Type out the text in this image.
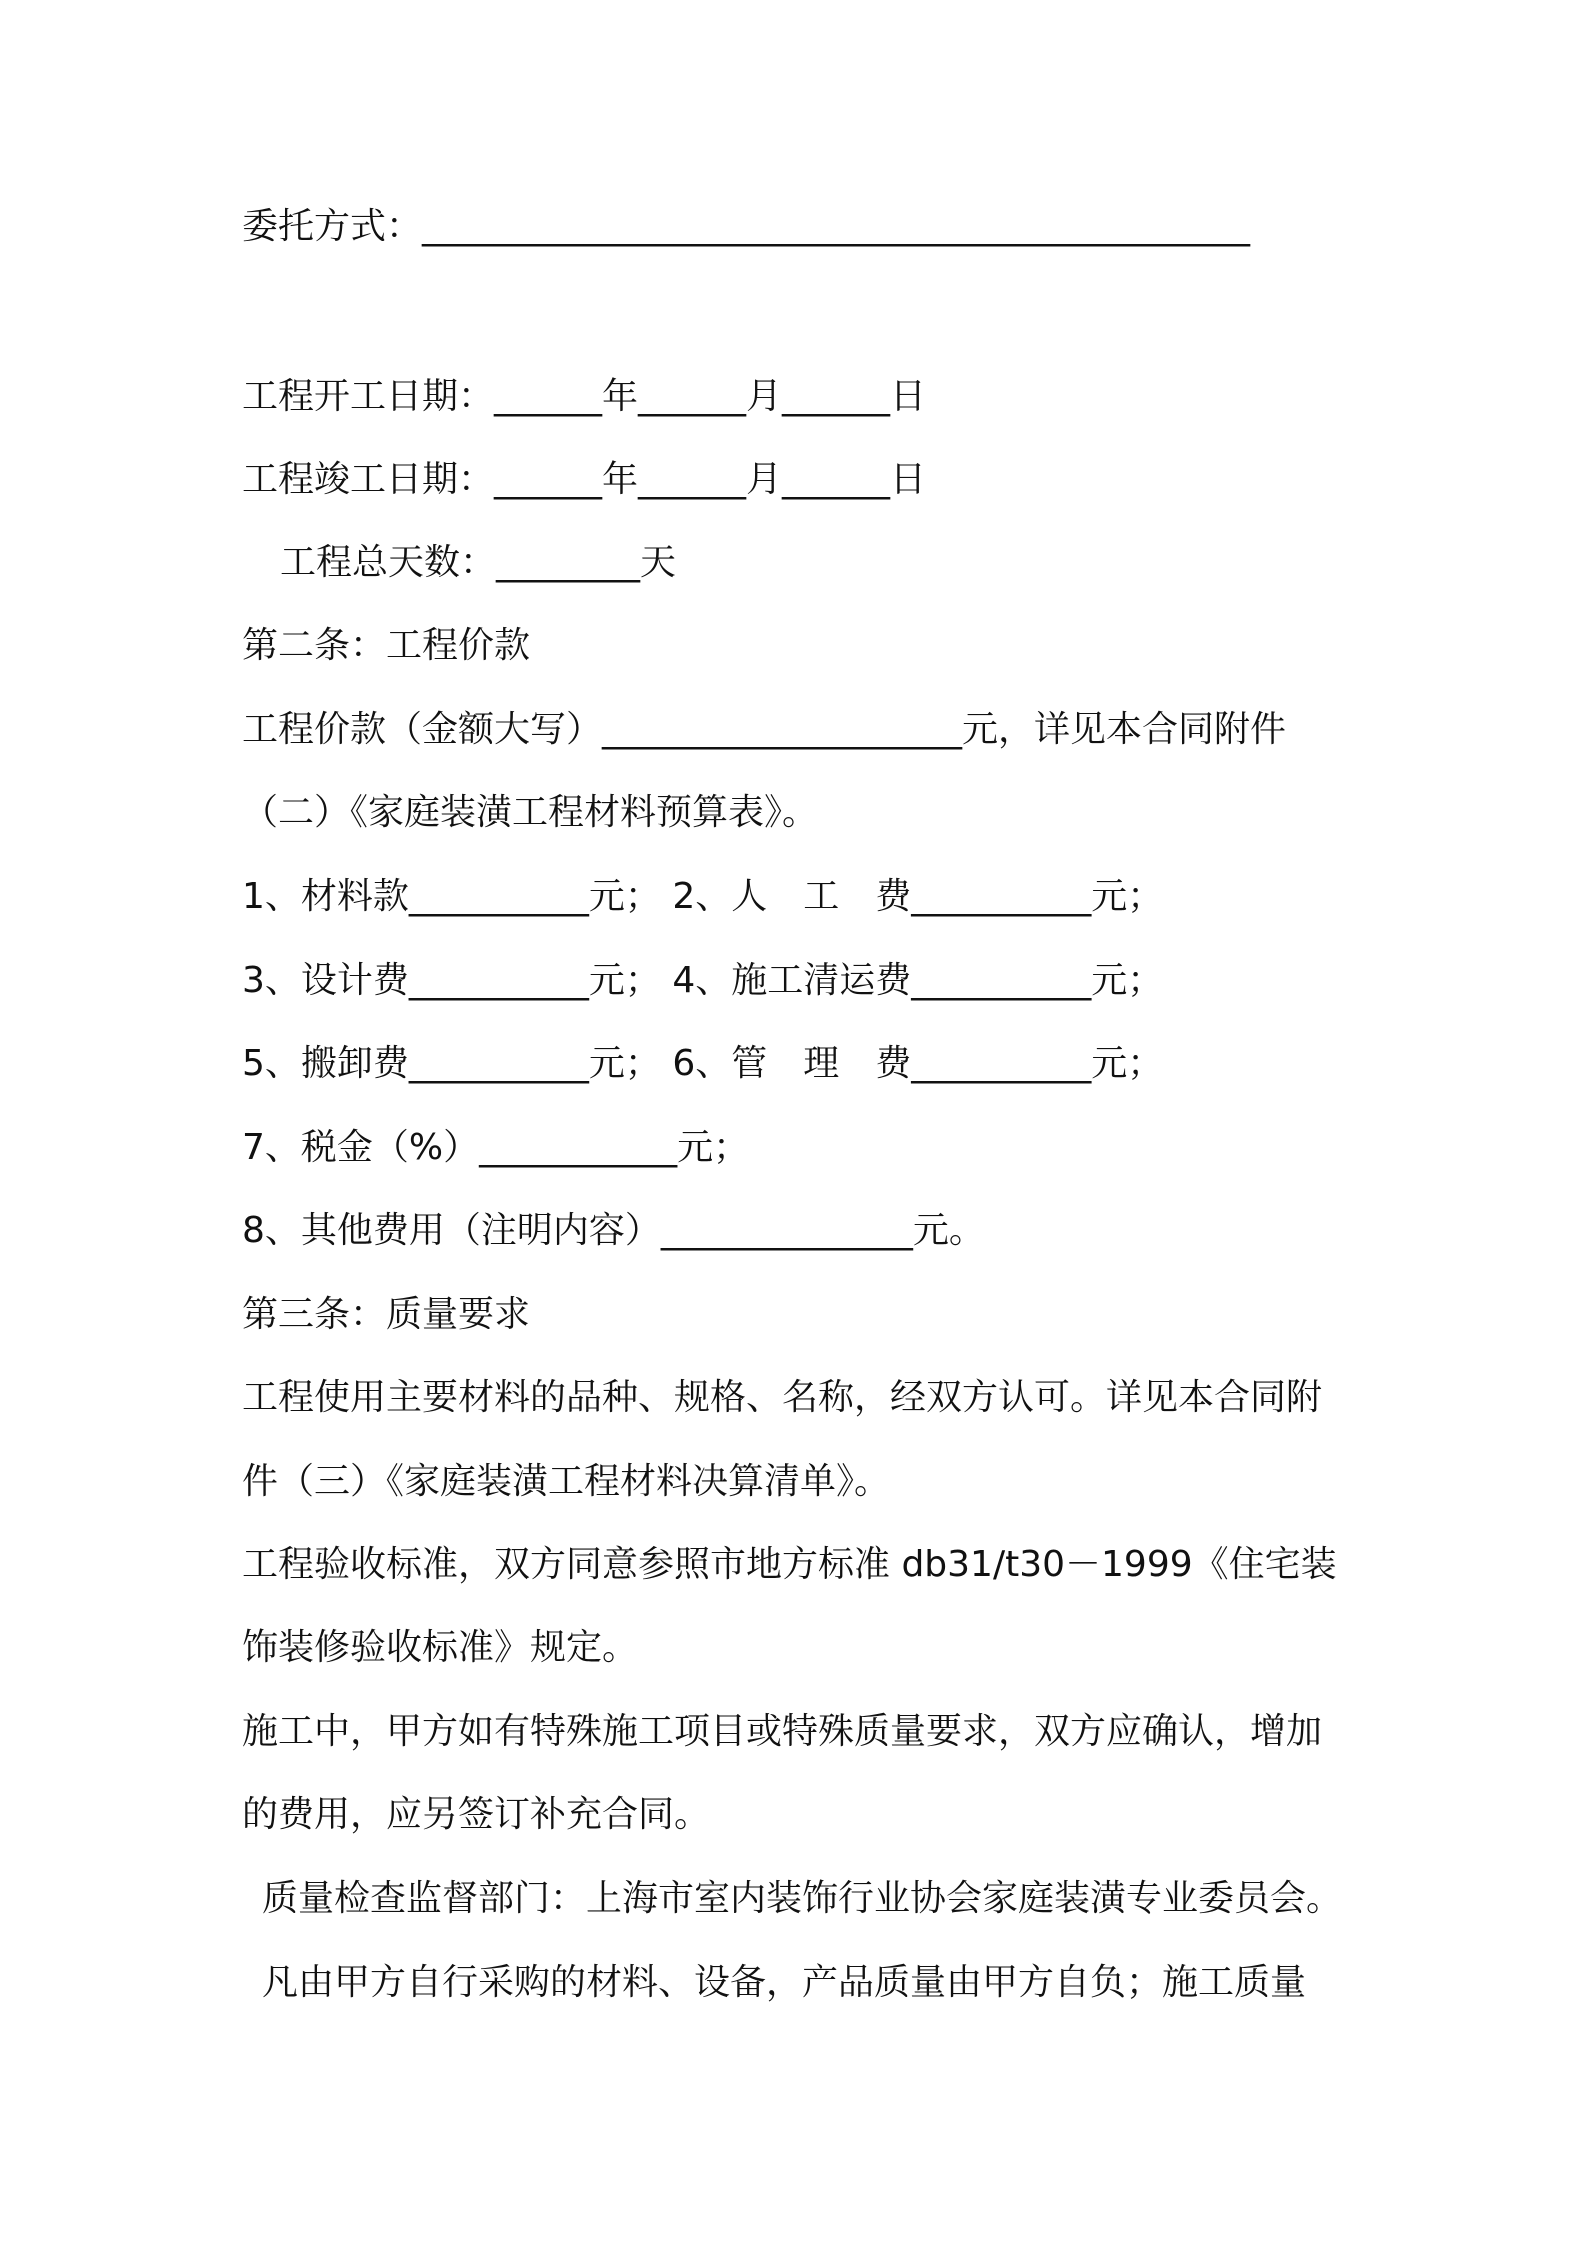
委托方式：______________________________________________
工程开工日期：______年______月______日
工程竣工日期：______年______月______日
工程总天数：________天
第二条：工程价款
工程价款（金额大写）____________________元，详见本合同附件
（二）《家庭装潢工程材料预算表》。
1、材料款__________元； 2、人　工　费__________元；
3、设计费__________元； 4、施工清运费__________元；
5、搬卸费__________元； 6、管　理　费__________元；
7、税金（%）___________元；
8、其他费用（注明内容）______________元。
第三条：质量要求
工程使用主要材料的品种、规格、名称，经双方认可。详见本合同附
件（三）《家庭装潢工程材料决算清单》。
工程验收标准，双方同意参照市地方标准 db31/t30－1999《住宅装
饰装修验收标准》规定。
施工中，甲方如有特殊施工项目或特殊质量要求，双方应确认，增加
的费用，应另签订补充合同。
质量检查监督部门：上海市室内装饰行业协会家庭装潢专业委员会。
凡由甲方自行采购的材料、设备，产品质量由甲方自负；施工质量
